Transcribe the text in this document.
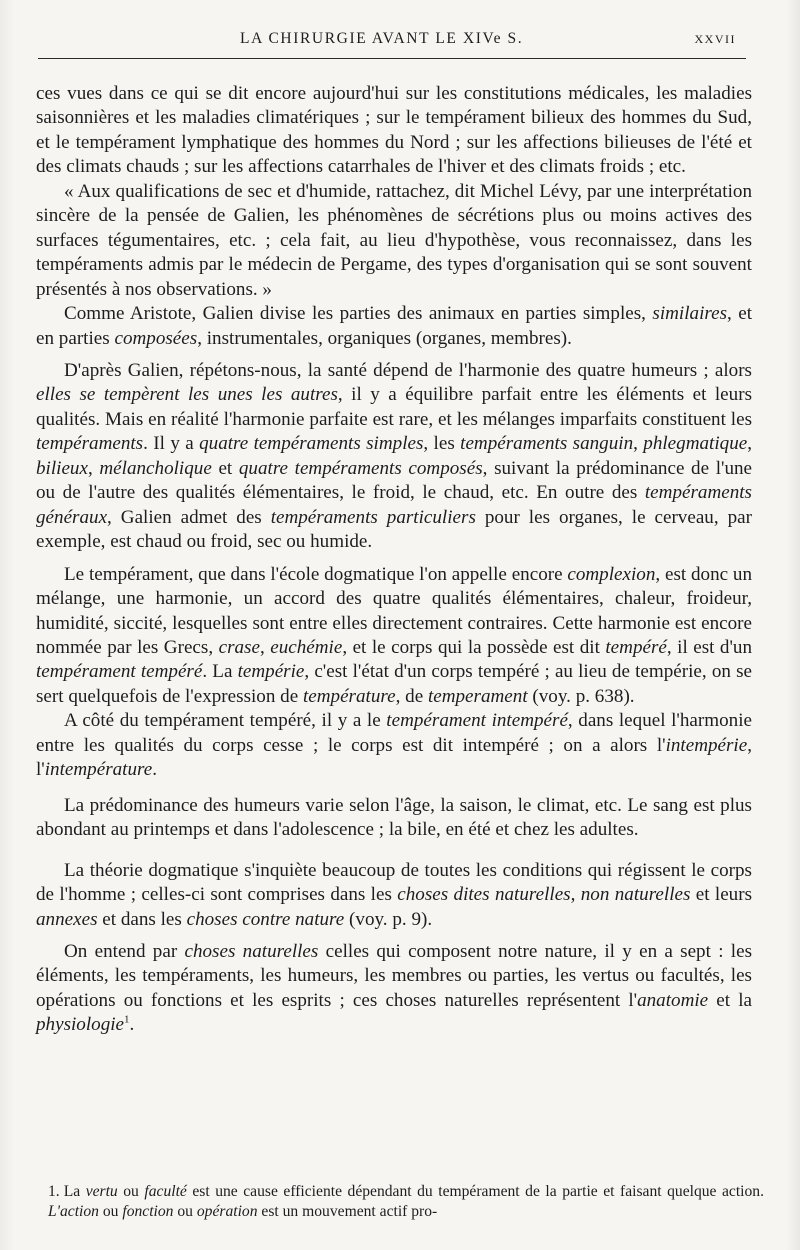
LA CHIRURGIE AVANT LE XIVe S.	XXVII

ces vues dans ce qui se dit encore aujourd'hui sur les constitutions médicales, les maladies saisonnières et les maladies climatériques ; sur le tempérament bilieux des hommes du Sud, et le tempérament lymphatique des hommes du Nord ; sur les affections bilieuses de l'été et des climats chauds ; sur les affections catarrhales de l'hiver et des climats froids ; etc.

« Aux qualifications de sec et d'humide, rattachez, dit Michel Lévy, par une interprétation sincère de la pensée de Galien, les phénomènes de sécrétions plus ou moins actives des surfaces tégumentaires, etc. ; cela fait, au lieu d'hypothèse, vous reconnaissez, dans les tempéraments admis par le médecin de Pergame, des types d'organisation qui se sont souvent présentés à nos observations. »

Comme Aristote, Galien divise les parties des animaux en parties simples, similaires, et en parties composées, instrumentales, organiques (organes, membres).

D'après Galien, répétons-nous, la santé dépend de l'harmonie des quatre humeurs ; alors elles se tempèrent les unes les autres, il y a équilibre parfait entre les éléments et leurs qualités. Mais en réalité l'harmonie parfaite est rare, et les mélanges imparfaits constituent les tempéraments. Il y a quatre tempéraments simples, les tempéraments sanguin, phlegmatique, bilieux, mélancholique et quatre tempéraments composés, suivant la prédominance de l'une ou de l'autre des qualités élémentaires, le froid, le chaud, etc. En outre des tempéraments généraux, Galien admet des tempéraments particuliers pour les organes, le cerveau, par exemple, est chaud ou froid, sec ou humide.

Le tempérament, que dans l'école dogmatique l'on appelle encore complexion, est donc un mélange, une harmonie, un accord des quatre qualités élémentaires, chaleur, froideur, humidité, siccité, lesquelles sont entre elles directement contraires. Cette harmonie est encore nommée par les Grecs, crase, euchémie, et le corps qui la possède est dit tempéré, il est d'un tempérament tempéré. La tempérie, c'est l'état d'un corps tempéré ; au lieu de tempérie, on se sert quelquefois de l'expression de température, de temperament (voy. p. 638).

A côté du tempérament tempéré, il y a le tempérament intempéré, dans lequel l'harmonie entre les qualités du corps cesse ; le corps est dit intempéré ; on a alors l'intempérie, l'intempérature.

La prédominance des humeurs varie selon l'âge, la saison, le climat, etc. Le sang est plus abondant au printemps et dans l'adolescence ; la bile, en été et chez les adultes.

La théorie dogmatique s'inquiète beaucoup de toutes les conditions qui régissent le corps de l'homme ; celles-ci sont comprises dans les choses dites naturelles, non naturelles et leurs annexes et dans les choses contre nature (voy. p. 9).

On entend par choses naturelles celles qui composent notre nature, il y en a sept : les éléments, les tempéraments, les humeurs, les membres ou parties, les vertus ou facultés, les opérations ou fonctions et les esprits ; ces choses naturelles représentent l'anatomie et la physiologie$^1$.

1. La vertu ou faculté est une cause efficiente dépendant du tempérament de la partie et faisant quelque action. L'action ou fonction ou opération est un mouvement actif pro-
